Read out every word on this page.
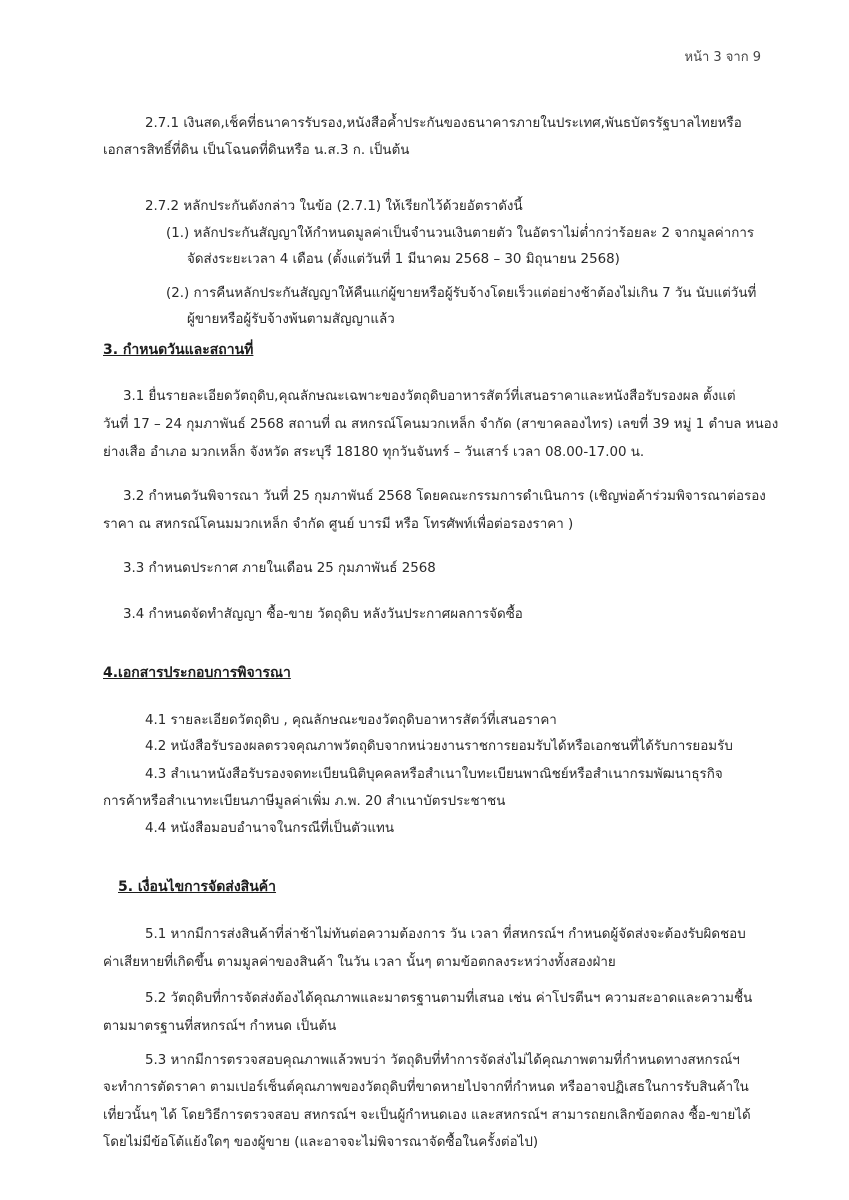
หน้า 3 จาก 9
2.7.1 เงินสด,เช็คที่ธนาคารรับรอง,หนังสือค้ำประกันของธนาคารภายในประเทศ,พันธบัตรรัฐบาลไทยหรือ
เอกสารสิทธิ์ที่ดิน เป็นโฉนดที่ดินหรือ น.ส.3 ก. เป็นต้น
2.7.2 หลักประกันดังกล่าว ในข้อ (2.7.1) ให้เรียกไว้ด้วยอัตราดังนี้
(1.) หลักประกันสัญญาให้กำหนดมูลค่าเป็นจำนวนเงินตายตัว ในอัตราไม่ต่ำกว่าร้อยละ 2 จากมูลค่าการ
จัดส่งระยะเวลา 4 เดือน (ตั้งแต่วันที่ 1 มีนาคม 2568 – 30 มิถุนายน 2568)
(2.) การคืนหลักประกันสัญญาให้คืนแก่ผู้ขายหรือผู้รับจ้างโดยเร็วแต่อย่างช้าต้องไม่เกิน 7 วัน นับแต่วันที่
ผู้ขายหรือผู้รับจ้างพ้นตามสัญญาแล้ว
3. กำหนดวันและสถานที่
3.1 ยื่นรายละเอียดวัตถุดิบ,คุณลักษณะเฉพาะของวัตถุดิบอาหารสัตว์ที่เสนอราคาและหนังสือรับรองผล ตั้งแต่
วันที่ 17 – 24 กุมภาพันธ์ 2568 สถานที่ ณ สหกรณ์โคนมวกเหล็ก จำกัด (สาขาคลองไทร) เลขที่ 39 หมู่ 1 ตำบล หนอง
ย่างเสือ อำเภอ มวกเหล็ก จังหวัด สระบุรี 18180 ทุกวันจันทร์ – วันเสาร์ เวลา 08.00-17.00 น.
3.2 กำหนดวันพิจารณา วันที่ 25 กุมภาพันธ์ 2568 โดยคณะกรรมการดำเนินการ (เชิญพ่อค้าร่วมพิจารณาต่อรอง
ราคา ณ สหกรณ์โคนมมวกเหล็ก จำกัด ศูนย์ บารมี หรือ โทรศัพท์เพื่อต่อรองราคา )
3.3 กำหนดประกาศ ภายในเดือน 25 กุมภาพันธ์ 2568
3.4 กำหนดจัดทำสัญญา ซื้อ-ขาย วัตถุดิบ หลังวันประกาศผลการจัดซื้อ
4.เอกสารประกอบการพิจารณา
4.1 รายละเอียดวัตถุดิบ , คุณลักษณะของวัตถุดิบอาหารสัตว์ที่เสนอราคา
4.2 หนังสือรับรองผลตรวจคุณภาพวัตถุดิบจากหน่วยงานราชการยอมรับได้หรือเอกชนที่ได้รับการยอมรับ
4.3 สำเนาหนังสือรับรองจดทะเบียนนิติบุคคลหรือสำเนาใบทะเบียนพาณิชย์หรือสำเนากรมพัฒนาธุรกิจ
การค้าหรือสำเนาทะเบียนภาษีมูลค่าเพิ่ม ภ.พ. 20 สำเนาบัตรประชาชน
4.4 หนังสือมอบอำนาจในกรณีที่เป็นตัวแทน
5. เงื่อนไขการจัดส่งสินค้า
5.1 หากมีการส่งสินค้าที่ล่าช้าไม่ทันต่อความต้องการ วัน เวลา ที่สหกรณ์ฯ กำหนดผู้จัดส่งจะต้องรับผิดชอบ
ค่าเสียหายที่เกิดขึ้น ตามมูลค่าของสินค้า ในวัน เวลา นั้นๆ ตามข้อตกลงระหว่างทั้งสองฝ่าย
5.2 วัตถุดิบที่การจัดส่งต้องได้คุณภาพและมาตรฐานตามที่เสนอ เช่น ค่าโปรตีนฯ ความสะอาดและความชื้น
ตามมาตรฐานที่สหกรณ์ฯ กำหนด เป็นต้น
5.3 หากมีการตรวจสอบคุณภาพแล้วพบว่า วัตถุดิบที่ทำการจัดส่งไม่ได้คุณภาพตามที่กำหนดทางสหกรณ์ฯ
จะทำการตัดราคา ตามเปอร์เซ็นต์คุณภาพของวัตถุดิบที่ขาดหายไปจากที่กำหนด หรืออาจปฏิเสธในการรับสินค้าใน
เที่ยวนั้นๆ ได้ โดยวิธีการตรวจสอบ สหกรณ์ฯ จะเป็นผู้กำหนดเอง และสหกรณ์ฯ สามารถยกเลิกข้อตกลง ซื้อ-ขายได้
โดยไม่มีข้อโต้แย้งใดๆ ของผู้ขาย (และอาจจะไม่พิจารณาจัดซื้อในครั้งต่อไป)
